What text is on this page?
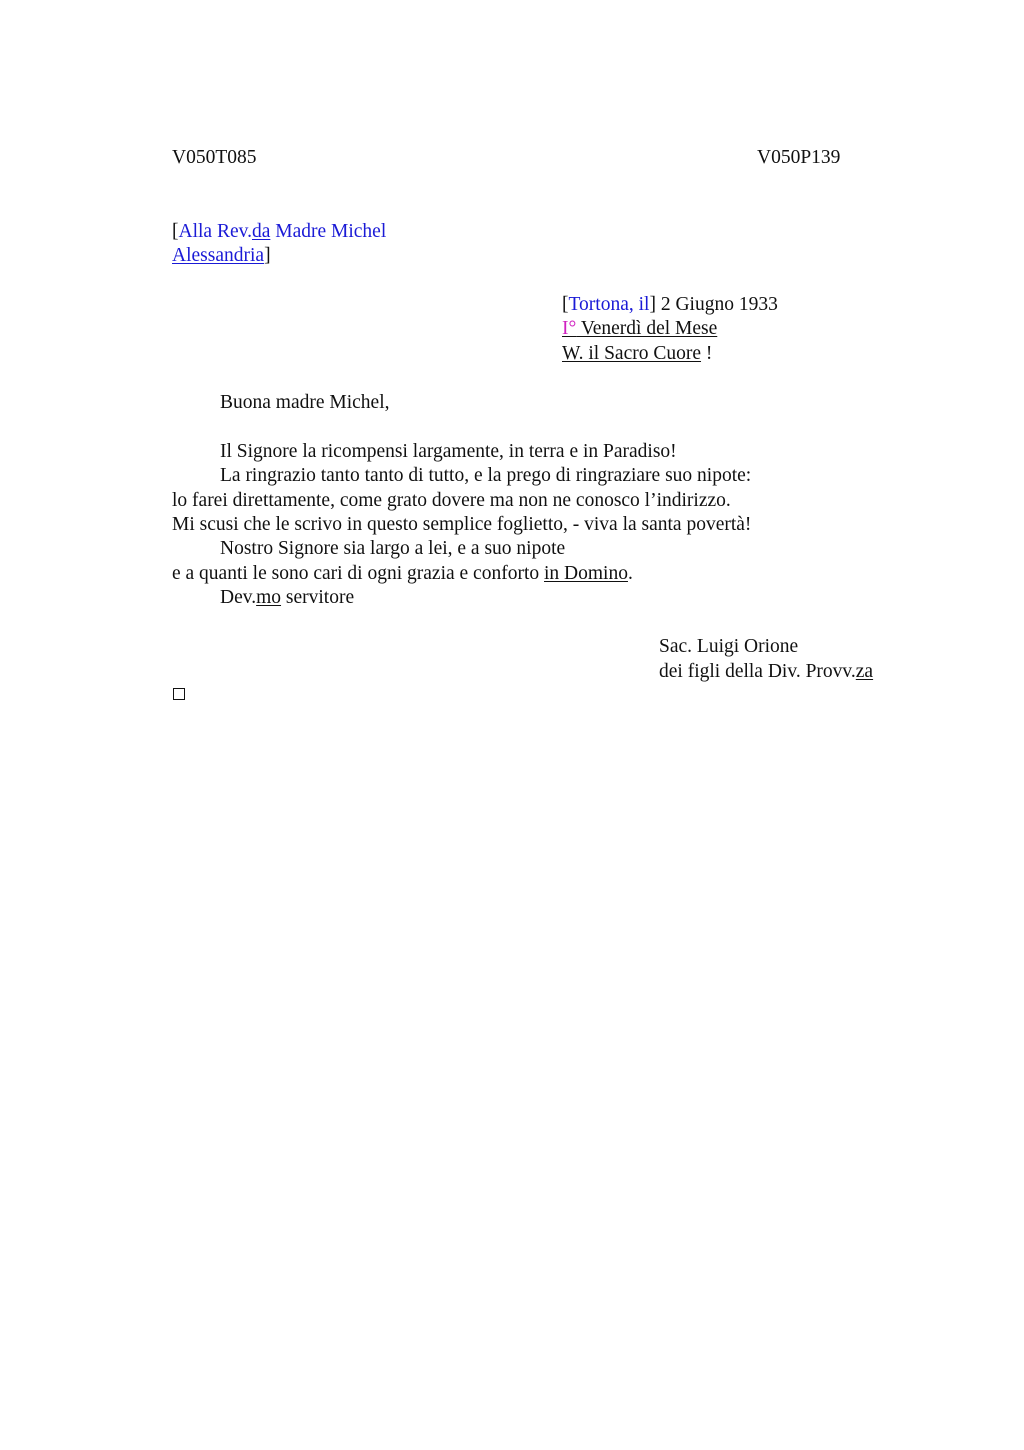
V050T085	V050P139
[Alla Rev.da Madre Michel
Alessandria]
[Tortona, il] 2 Giugno 1933
I° Venerdì del Mese
W. il Sacro Cuore !
Buona madre Michel,
Il Signore la ricompensi largamente, in terra e in Paradiso!
La ringrazio tanto tanto di tutto, e la prego di ringraziare suo nipote:
lo farei direttamente, come grato dovere ma non ne conosco l’indirizzo.
Mi scusi che le scrivo in questo semplice foglietto, - viva la santa povertà!
Nostro Signore sia largo a lei, e a suo nipote
e a quanti le sono cari di ogni grazia e conforto in Domino.
Dev.mo servitore
Sac. Luigi Orione
dei figli della Div. Provv.za
